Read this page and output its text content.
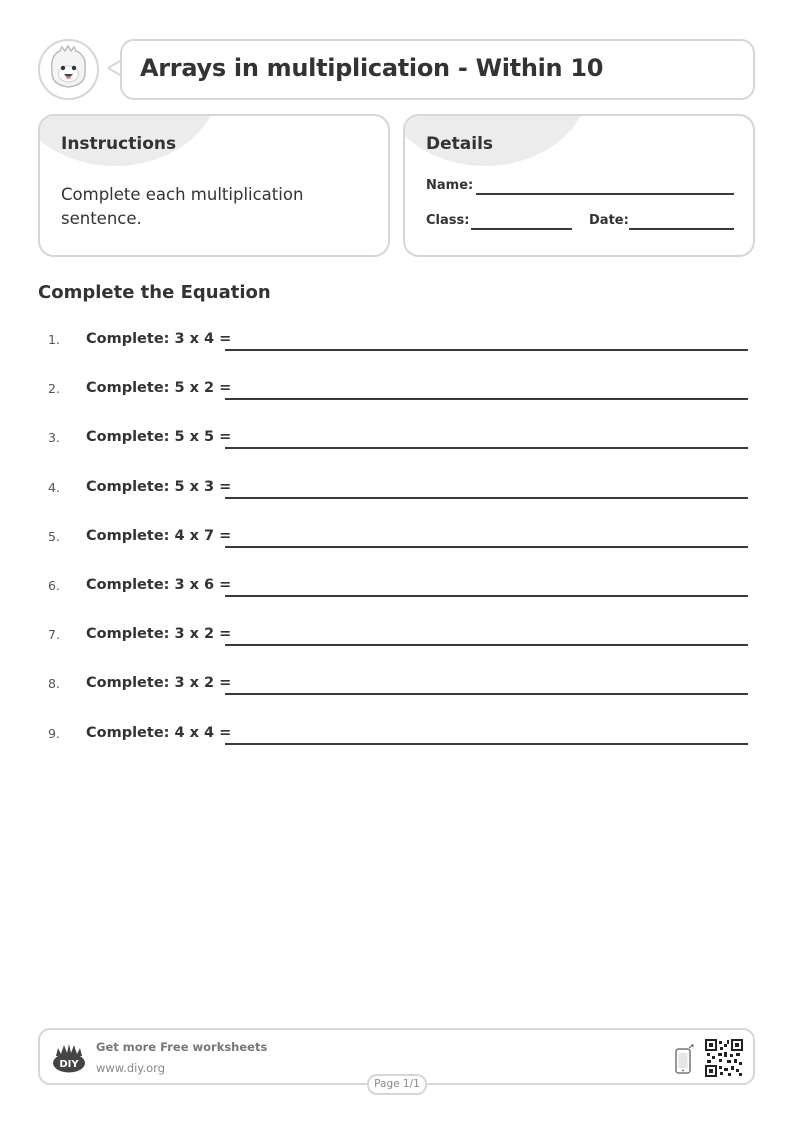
Arrays in multiplication - Within 10
Instructions
Complete each multiplication sentence.
Details
Name:
Class:	Date:
Complete the Equation
1. Complete: 3 x 4 =
2. Complete: 5 x 2 =
3. Complete: 5 x 5 =
4. Complete: 5 x 3 =
5. Complete: 4 x 7 =
6. Complete: 3 x 6 =
7. Complete: 3 x 2 =
8. Complete: 3 x 2 =
9. Complete: 4 x 4 =
DIY
Get more Free worksheets
www.diy.org
Page 1/1
